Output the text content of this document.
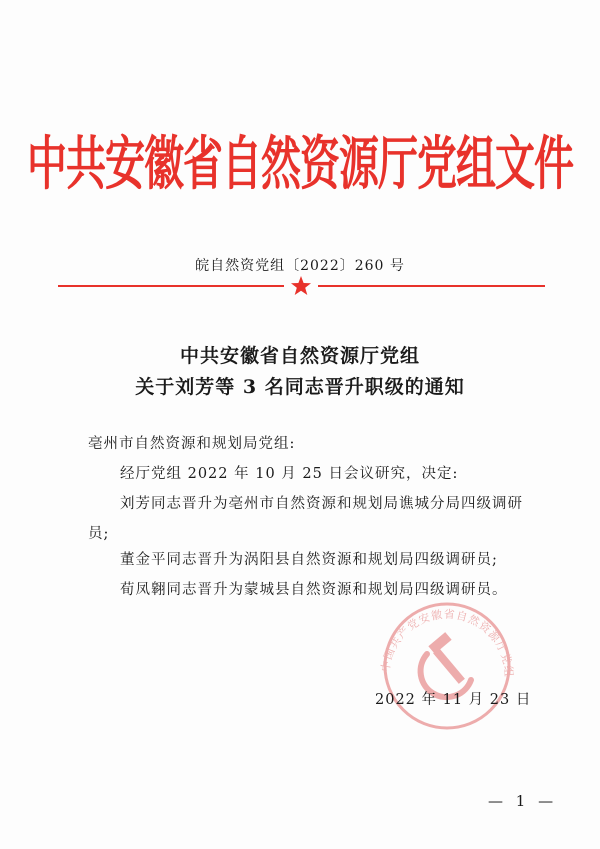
中共安徽省自然资源厅党组文件
皖自然资党组〔2022〕260 号
中共安徽省自然资源厅党组
关于刘芳等 3 名同志晋升职级的通知
亳州市自然资源和规划局党组:
经厅党组 2022 年 10 月 25 日会议研究，决定:
刘芳同志晋升为亳州市自然资源和规划局谯城分局四级调研
员;
董金平同志晋升为涡阳县自然资源和规划局四级调研员;
荀凤翱同志晋升为蒙城县自然资源和规划局四级调研员。
中国共产党安徽省自然资源厅党组
2022 年 11 月 23 日
— 1 —
